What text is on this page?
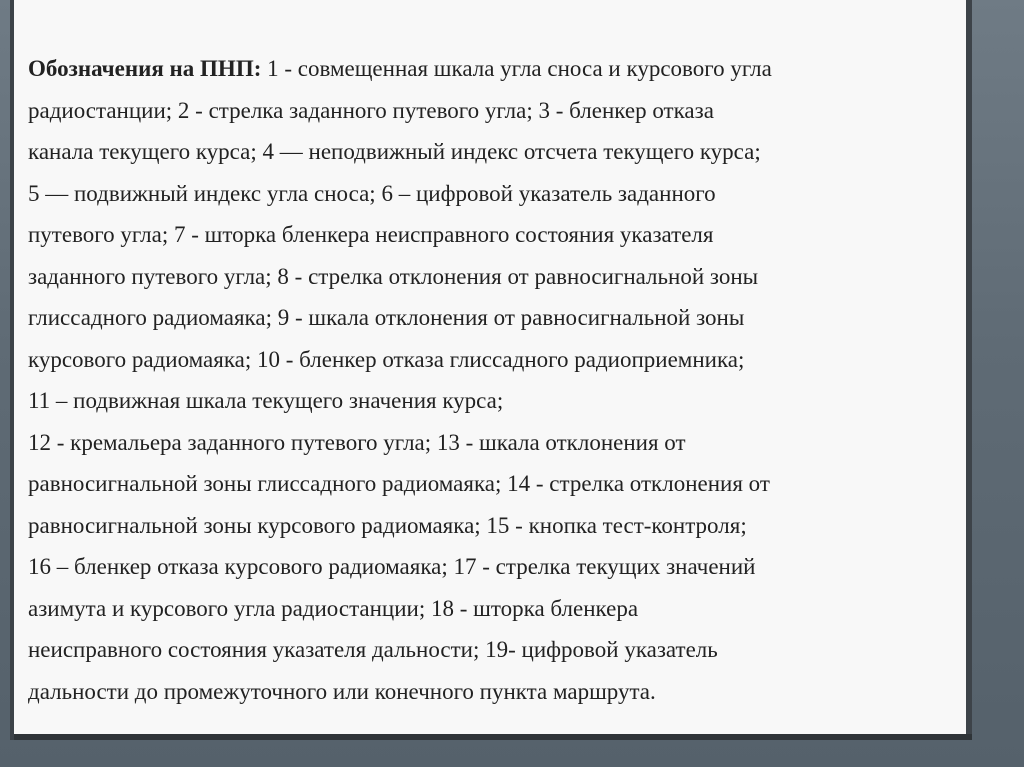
Обозначения на ПНП: 1 - совмещенная шкала угла сноса и курсового угла
радиостанции; 2 - стрелка заданного путевого угла; 3 - бленкер отказа
канала текущего курса; 4 — неподвижный индекс отсчета текущего курса;
5 — подвижный индекс угла сноса; 6 – цифровой указатель заданного
путевого угла; 7 - шторка бленкера неисправного состояния указателя
заданного путевого угла; 8 - стрелка отклонения от равносигнальной зоны
глиссадного радиомаяка; 9 - шкала отклонения от равносигнальной зоны
курсового радиомаяка; 10 - бленкер отказа глиссадного радиоприемника;
11 – подвижная шкала текущего значения курса;
12 - кремальера заданного путевого угла; 13 - шкала отклонения от
равносигнальной зоны глиссадного радиомаяка; 14 - стрелка отклонения от
равносигнальной зоны курсового радиомаяка; 15 - кнопка тест-контроля;
16 – бленкер отказа курсового радиомаяка; 17 - стрелка текущих значений
азимута и курсового угла радиостанции; 18 - шторка бленкера
неисправного состояния указателя дальности; 19- цифровой указатель
дальности до промежуточного или конечного пункта маршрута.
